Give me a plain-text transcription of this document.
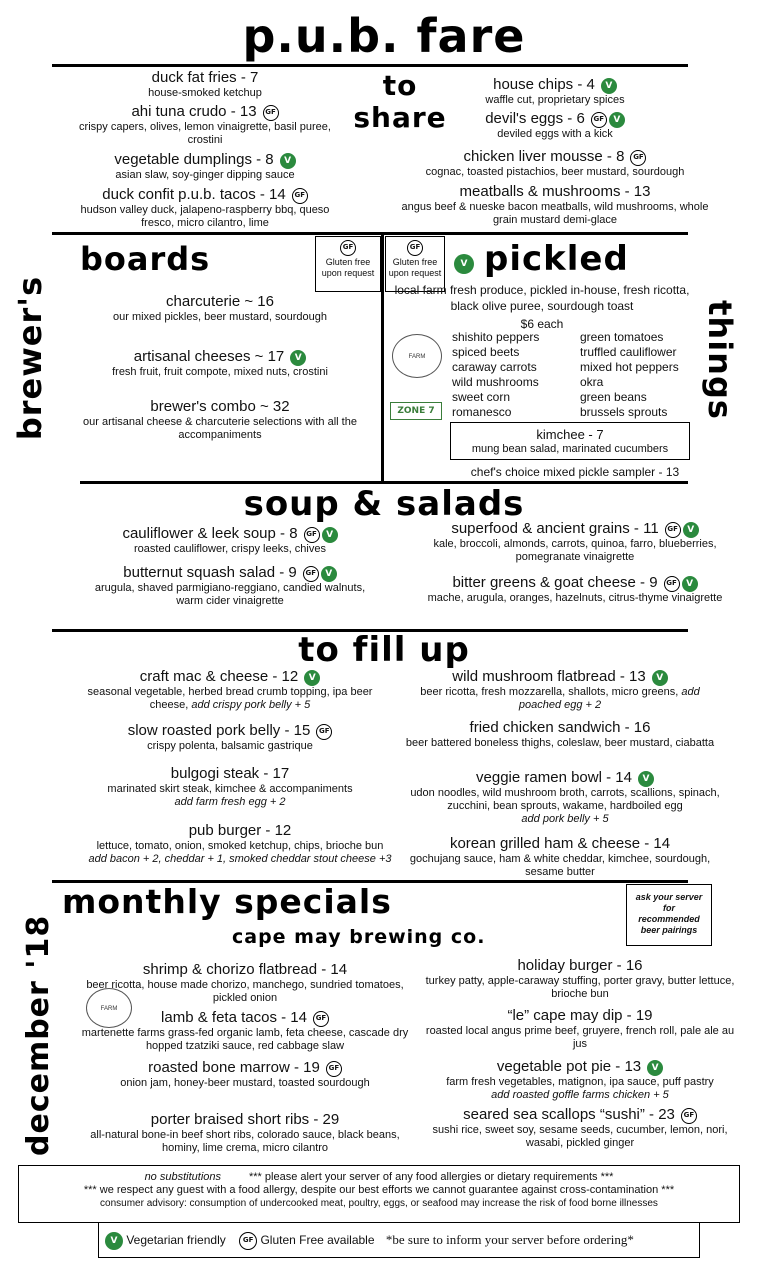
p.u.b. fare
to
share
duck fat fries - 7
house-smoked ketchup
ahi tuna crudo - 13 GF
crispy capers, olives, lemon vinaigrette, basil puree, crostini
vegetable dumplings - 8 V
asian slaw, soy-ginger dipping sauce
duck confit p.u.b. tacos - 14 GF
hudson valley duck, jalapeno-raspberry bbq, queso fresco, micro cilantro, lime
house chips - 4 V
waffle cut, proprietary spices
devil's eggs - 6 GF V
deviled eggs with a kick
chicken liver mousse - 8 GF
cognac, toasted pistachios, beer mustard, sourdough
meatballs & mushrooms - 13
angus beef & nueske bacon meatballs, wild mushrooms, whole grain mustard demi-glace
brewer's
boards	GF
Gluten free upon request
charcuterie ~ 16
our mixed pickles, beer mustard, sourdough
artisanal cheeses ~ 17 V
fresh fruit, fruit compote, mixed nuts, crostini
brewer's combo ~ 32
our artisanal cheese & charcuterie selections with all the accompaniments
GF
Gluten free upon request
V pickled
things
local farm fresh produce, pickled in-house, fresh ricotta, black olive puree, sourdough toast
$6 each
FARM
ZONE 7
shishito peppers
spiced beets
caraway carrots
wild mushrooms
sweet corn
romanesco
green tomatoes
truffled cauliflower
mixed hot peppers
okra
green beans
brussels sprouts
kimchee - 7
mung bean salad, marinated cucumbers
chef's choice mixed pickle sampler - 13
soup & salads
cauliflower & leek soup - 8 GF V
roasted cauliflower, crispy leeks, chives
butternut squash salad - 9 GF V
arugula, shaved parmigiano-reggiano, candied walnuts, warm cider vinaigrette
superfood & ancient grains - 11 GF V
kale, broccoli, almonds, carrots, quinoa, farro, blueberries, pomegranate vinaigrette
bitter greens & goat cheese - 9 GF V
mache, arugula, oranges, hazelnuts, citrus-thyme vinaigrette
to fill up
craft mac & cheese - 12 V
seasonal vegetable, herbed bread crumb topping, ipa beer cheese, add crispy pork belly + 5
slow roasted pork belly - 15 GF
crispy polenta, balsamic gastrique
bulgogi steak - 17
marinated skirt steak, kimchee & accompaniments
add farm fresh egg + 2
pub burger - 12
lettuce, tomato, onion, smoked ketchup, chips, brioche bun
add bacon + 2, cheddar + 1, smoked cheddar stout cheese +3
wild mushroom flatbread - 13 V
beer ricotta, fresh mozzarella, shallots, micro greens, add poached egg + 2
fried chicken sandwich - 16
beer battered boneless thighs, coleslaw, beer mustard, ciabatta
veggie ramen bowl - 14 V
udon noodles, wild mushroom broth, carrots, scallions, spinach, zucchini, bean sprouts, wakame, hardboiled egg
add pork belly + 5
korean grilled ham & cheese - 14
gochujang sauce, ham & white cheddar, kimchee, sourdough, sesame butter
december '18
monthly specials
cape may brewing co.
ask your server for recommended beer pairings
FARM
shrimp & chorizo flatbread - 14
beer ricotta, house made chorizo, manchego, sundried tomatoes, pickled onion
lamb & feta tacos - 14 GF
martenette farms grass-fed organic lamb, feta cheese, cascade dry hopped tzatziki sauce, red cabbage slaw
roasted bone marrow - 19 GF
onion jam, honey-beer mustard, toasted sourdough
porter braised short ribs - 29
all-natural bone-in beef short ribs, colorado sauce, black beans, hominy, lime crema, micro cilantro
holiday burger - 16
turkey patty, apple-caraway stuffing, porter gravy, butter lettuce, brioche bun
“le” cape may dip - 19
roasted local angus prime beef, gruyere, french roll, pale ale au jus
vegetable pot pie - 13 V
farm fresh vegetables, matignon, ipa sauce, puff pastry
add roasted goffle farms chicken + 5
seared sea scallops “sushi” - 23 GF
sushi rice, sweet soy, sesame seeds, cucumber, lemon, nori, wasabi, pickled ginger
no substitutions	*** please alert your server of any food allergies or dietary requirements ***
*** we respect any guest with a food allergy, despite our best efforts we cannot guarantee against cross-contamination ***
consumer advisory: consumption of undercooked meat, poultry, eggs, or seafood may increase the risk of food borne illnesses
V Vegetarian friendly GF Gluten Free available *be sure to inform your server before ordering*
